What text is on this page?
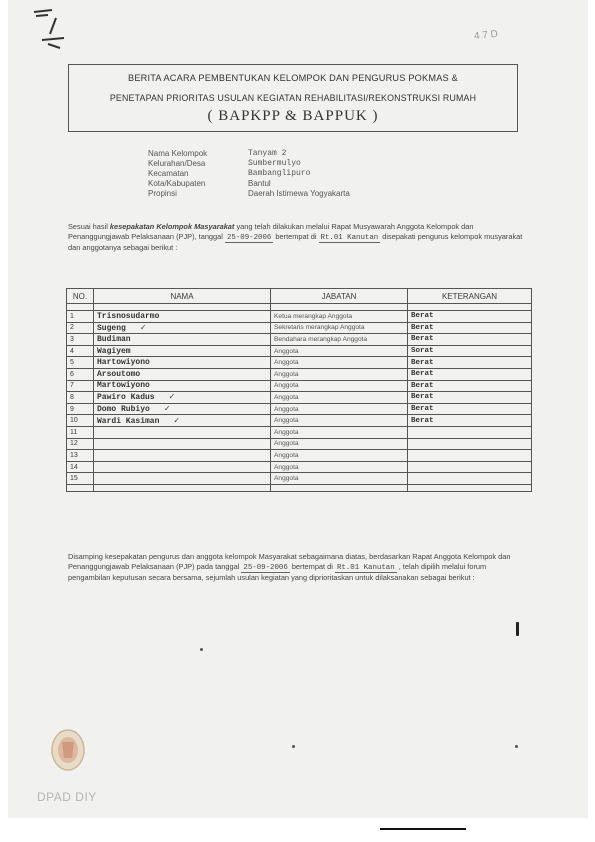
4 7 D
BERITA ACARA PEMBENTUKAN KELOMPOK DAN PENGURUS POKMAS &
PENETAPAN PRIORITAS USULAN KEGIATAN REHABILITASI/REKONSTRUKSI RUMAH
( BAPKPP & BAPPUK )
Nama Kelompok	Tanyam 2
Kelurahan/Desa	Sumbermulyo
Kecamatan	Bambanglipuro
Kota/Kabupaten	Bantul
Propinsi	Daerah Istimewa Yogyakarta
Sesuai hasil kesepakatan Kelompok Masyarakat yang telah dilakukan melalui Rapat Musyawarah Anggota Kelompok dan Penanggungjawab Pelaksanaan (PJP), tanggal 25-09-2006 bertempat di Rt.01 Kanutan disepakati pengurus kelompok musyarakat dan anggotanya sebagai berikut :
NO.	NAMA	JABATAN	KETERANGAN

1	Trisnosudarmo	Ketua merangkap Anggota	Berat
2	Sugeng ✓	Sekretaris merangkap Anggota	Berat
3	Budiman	Bendahara merangkap Anggota	Berat
4	Wagiyem	Anggota	Sorat
5	Hartowiyono	Anggota	Berat
6	Arsoutomo	Anggota	Berat
7	Martowiyono	Anggota	Berat
8	Pawiro Kadus ✓	Anggota	Berat
9	Domo Rubiyo ✓	Anggota	Berat
10	Wardi Kasiman ✓	Anggota	Berat
11		Anggota	
12		Anggota	
13		Anggota	
14		Anggota	
15		Anggota	

Disamping kesepakatan pengurus dan anggota kelompok Masyarakat sebagaimana diatas, berdasarkan Rapat Anggota Kelompok dan Penanggungjawab Pelaksanaan (PJP) pada tanggal 25-09-2006 bertempat di Rt.01 Kanutan , telah dipilih melalui forum pengambilan keputusan secara bersama, sejumlah usulan kegiatan yang diprioritaskan untuk dilaksanakan sebagai berikut :
DPAD DIY
